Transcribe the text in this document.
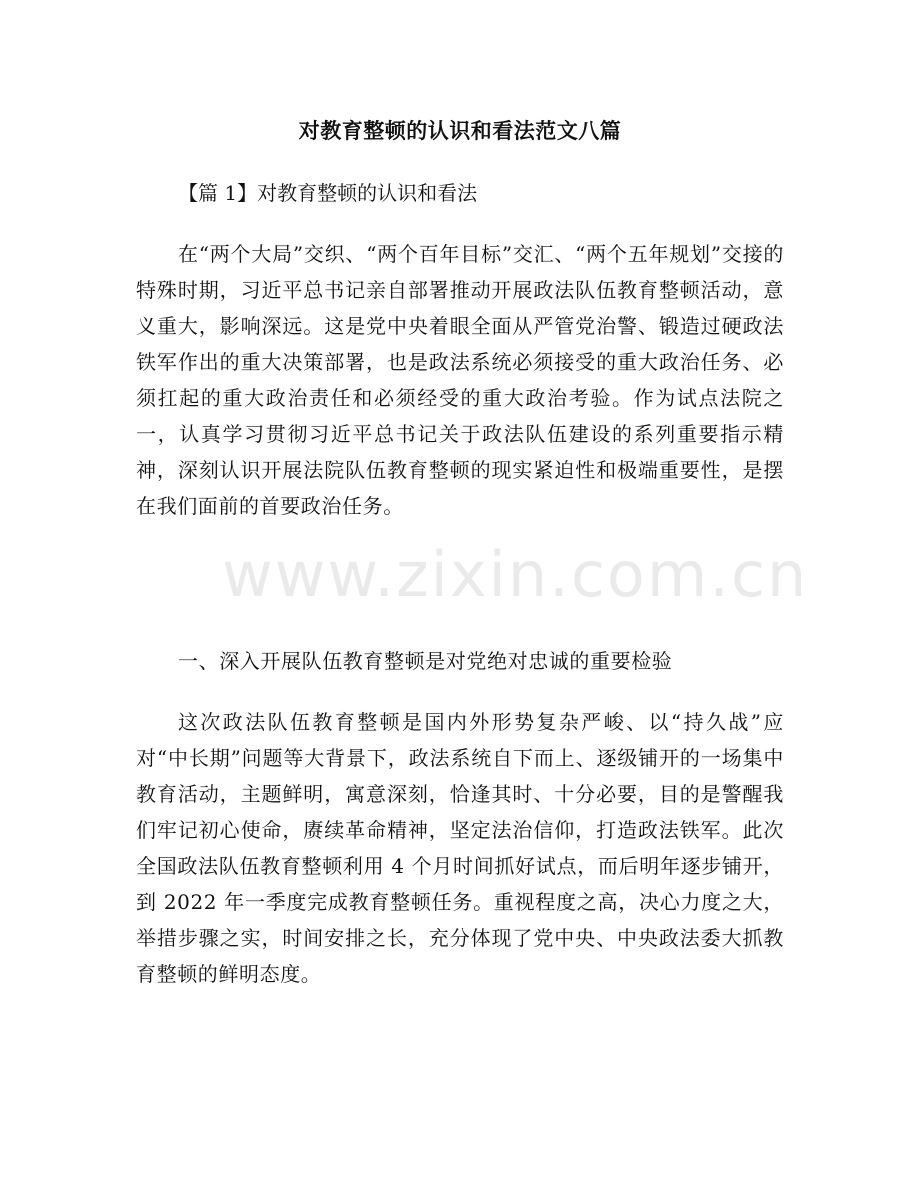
对教育整顿的认识和看法范文八篇
【篇 1】对教育整顿的认识和看法
在“两个大局”交织、“两个百年目标”交汇、“两个五年规划”交接的特殊时期，习近平总书记亲自部署推动开展政法队伍教育整顿活动，意义重大，影响深远。这是党中央着眼全面从严管党治警、锻造过硬政法铁军作出的重大决策部署，也是政法系统必须接受的重大政治任务、必须扛起的重大政治责任和必须经受的重大政治考验。作为试点法院之一，认真学习贯彻习近平总书记关于政法队伍建设的系列重要指示精神，深刻认识开展法院队伍教育整顿的现实紧迫性和极端重要性，是摆在我们面前的首要政治任务。
一、深入开展队伍教育整顿是对党绝对忠诚的重要检验
这次政法队伍教育整顿是国内外形势复杂严峻、以“持久战”应对“中长期”问题等大背景下，政法系统自下而上、逐级铺开的一场集中教育活动，主题鲜明，寓意深刻，恰逢其时、十分必要，目的是警醒我们牢记初心使命，赓续革命精神，坚定法治信仰，打造政法铁军。此次全国政法队伍教育整顿利用 4 个月时间抓好试点，而后明年逐步铺开，到 2022 年一季度完成教育整顿任务。重视程度之高，决心力度之大，举措步骤之实，时间安排之长，充分体现了党中央、中央政法委大抓教育整顿的鲜明态度。
www.zixin.com.cn
